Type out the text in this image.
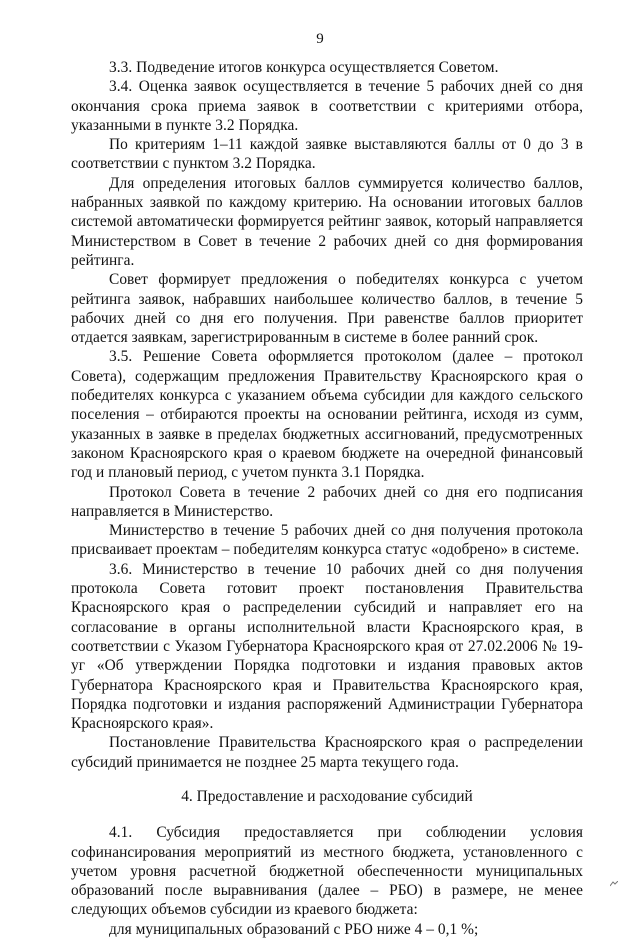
9

3.3. Подведение итогов конкурса осуществляется Советом.

3.4. Оценка заявок осуществляется в течение 5 рабочих дней со дня окончания срока приема заявок в соответствии с критериями отбора, указанными в пункте 3.2 Порядка.

По критериям 1–11 каждой заявке выставляются баллы от 0 до 3 в соответствии с пунктом 3.2 Порядка.

Для определения итоговых баллов суммируется количество баллов, набранных заявкой по каждому критерию. На основании итоговых баллов системой автоматически формируется рейтинг заявок, который направляется Министерством в Совет в течение 2 рабочих дней со дня формирования рейтинга.

Совет формирует предложения о победителях конкурса с учетом рейтинга заявок, набравших наибольшее количество баллов, в течение 5 рабочих дней со дня его получения. При равенстве баллов приоритет отдается заявкам, зарегистрированным в системе в более ранний срок.

3.5. Решение Совета оформляется протоколом (далее – протокол Совета), содержащим предложения Правительству Красноярского края о победителях конкурса с указанием объема субсидии для каждого сельского поселения – отбираются проекты на основании рейтинга, исходя из сумм, указанных в заявке в пределах бюджетных ассигнований, предусмотренных законом Красноярского края о краевом бюджете на очередной финансовый год и плановый период, с учетом пункта 3.1 Порядка.

Протокол Совета в течение 2 рабочих дней со дня его подписания направляется в Министерство.

Министерство в течение 5 рабочих дней со дня получения протокола присваивает проектам – победителям конкурса статус «одобрено» в системе.

3.6. Министерство в течение 10 рабочих дней со дня получения протокола Совета готовит проект постановления Правительства Красноярского края о распределении субсидий и направляет его на согласование в органы исполнительной власти Красноярского края, в соответствии с Указом Губернатора Красноярского края от 27.02.2006 № 19-уг «Об утверждении Порядка подготовки и издания правовых актов Губернатора Красноярского края и Правительства Красноярского края, Порядка подготовки и издания распоряжений Администрации Губернатора Красноярского края».

Постановление Правительства Красноярского края о распределении субсидий принимается не позднее 25 марта текущего года.

4. Предоставление и расходование субсидий

4.1. Субсидия предоставляется при соблюдении условия софинансирования мероприятий из местного бюджета, установленного с учетом уровня расчетной бюджетной обеспеченности муниципальных образований после выравнивания (далее – РБО) в размере, не менее следующих объемов субсидии из краевого бюджета:

для муниципальных образований с РБО ниже 4 – 0,1 %;
